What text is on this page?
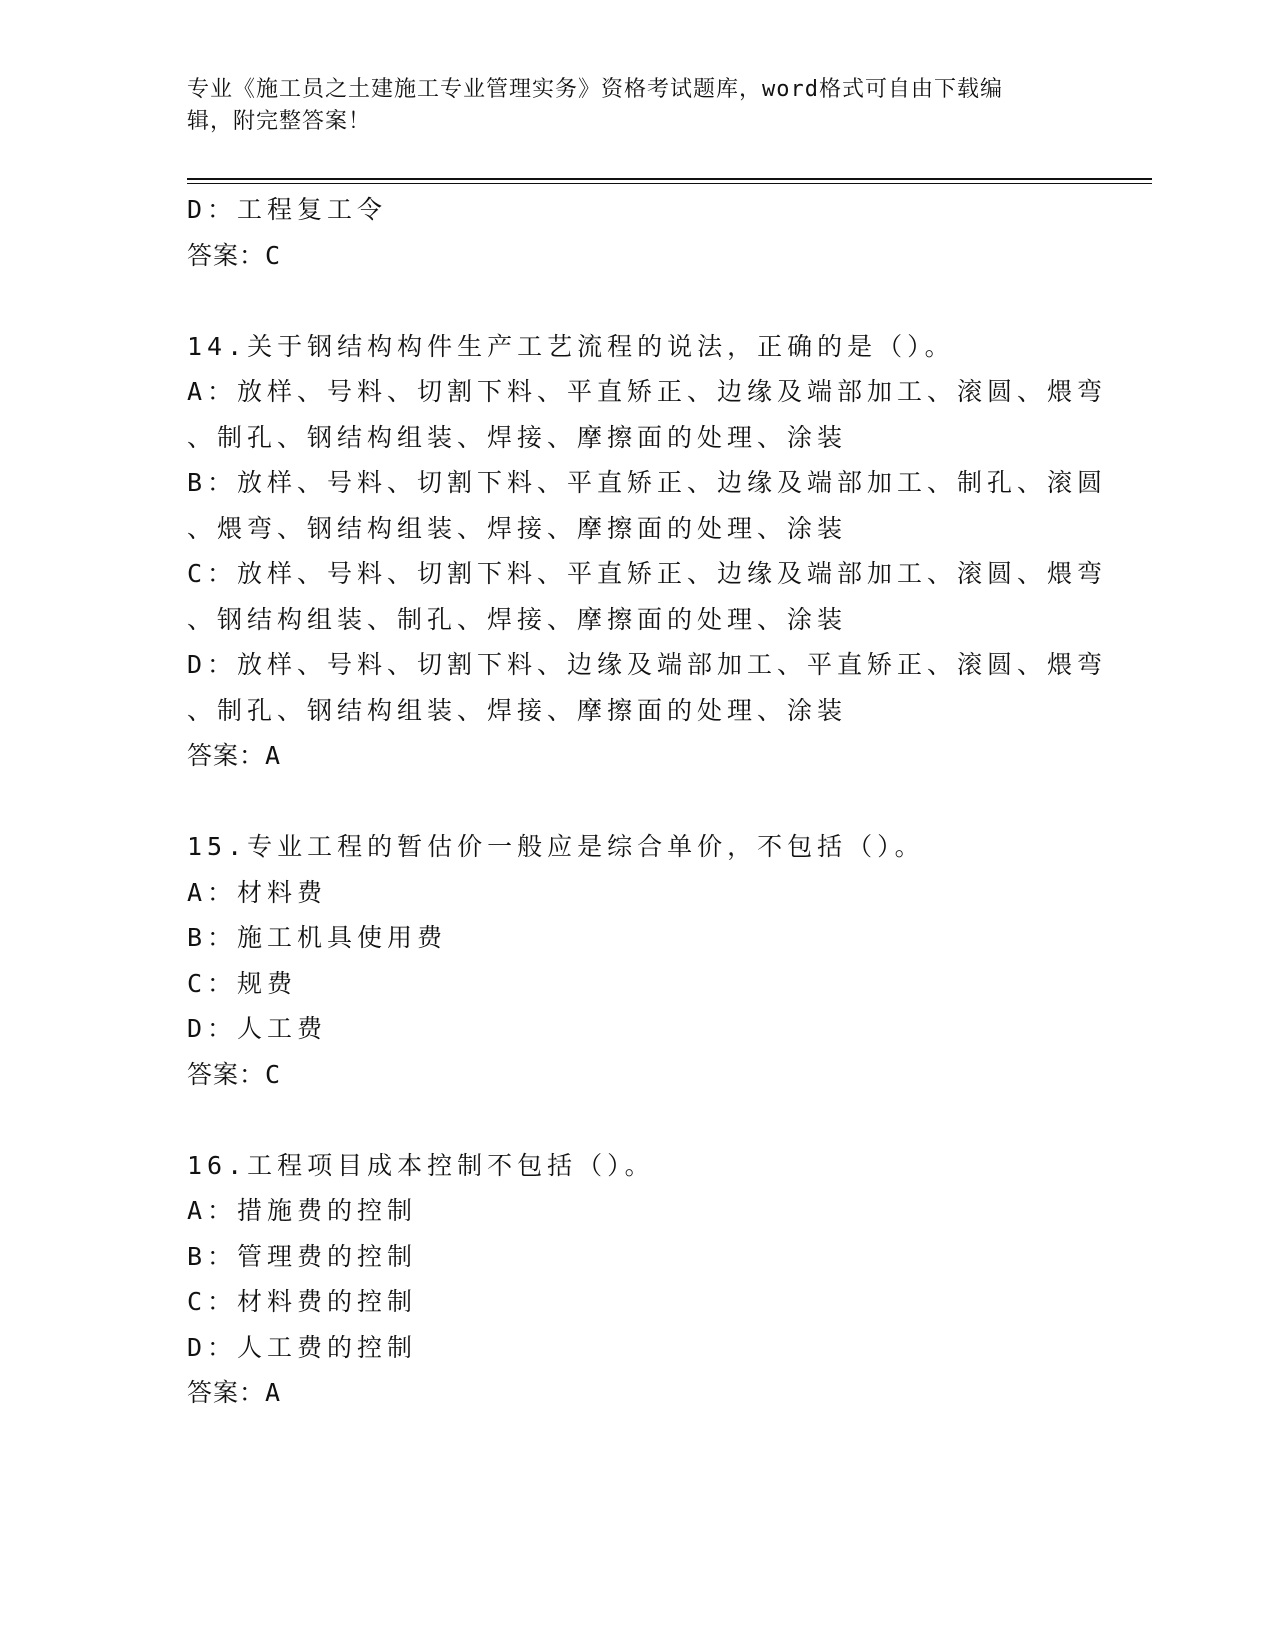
专业《施工员之土建施工专业管理实务》资格考试题库，word格式可自由下载编
辑，附完整答案！
D：工程复工令
答案：C
14.关于钢结构构件生产工艺流程的说法，正确的是（）。
A：放样、号料、切割下料、平直矫正、边缘及端部加工、滚圆、煨弯
、制孔、钢结构组装、焊接、摩擦面的处理、涂装
B：放样、号料、切割下料、平直矫正、边缘及端部加工、制孔、滚圆
、煨弯、钢结构组装、焊接、摩擦面的处理、涂装
C：放样、号料、切割下料、平直矫正、边缘及端部加工、滚圆、煨弯
、钢结构组装、制孔、焊接、摩擦面的处理、涂装
D：放样、号料、切割下料、边缘及端部加工、平直矫正、滚圆、煨弯
、制孔、钢结构组装、焊接、摩擦面的处理、涂装
答案：A
15.专业工程的暂估价一般应是综合单价，不包括（）。
A：材料费
B：施工机具使用费
C：规费
D：人工费
答案：C
16.工程项目成本控制不包括（）。
A：措施费的控制
B：管理费的控制
C：材料费的控制
D：人工费的控制
答案：A
